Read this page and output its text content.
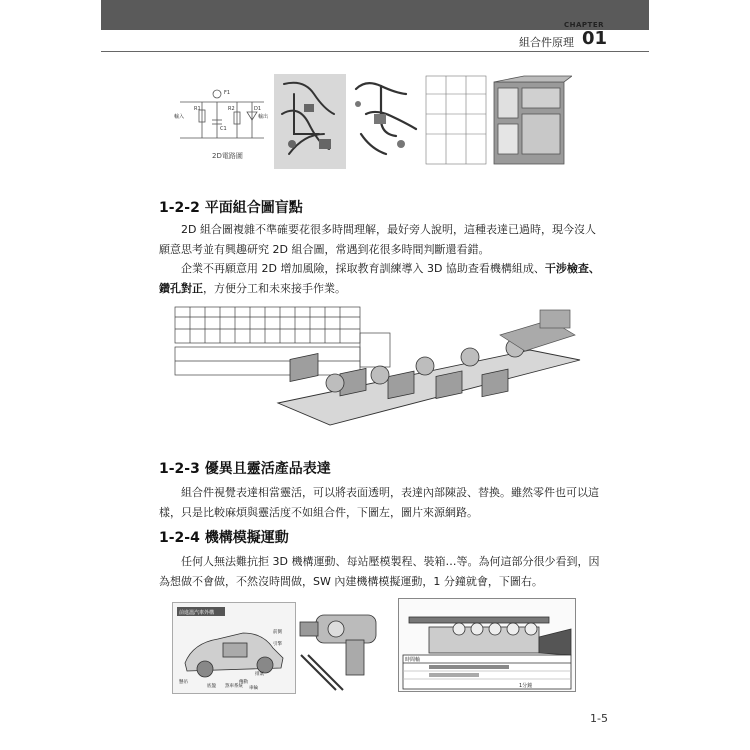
CHAPTER
組合件原理 01
R1	R2
C1
D1
F1
輸入	輸出
2D電路圖
1-2-2 平面組合圖盲點

2D 組合圖複雜不準確要花很多時間理解，最好旁人說明，這種表達已過時，現今沒人願意思考並有興趣研究 2D 組合圖，常遇到花很多時間判斷還看錯。

企業不再願意用 2D 增加風險，採取教育訓練導入 3D 協助查看機構組成、干涉檢查、鑽孔對正，方便分工和未來接手作業。

1-2-3 優異且靈活產品表達

組合件視覺表達相當靈活，可以將表面透明，表達內部陳設、替換。雖然零件也可以這樣，只是比較麻煩與靈活度不如組合件，下圖左，圖片來源網路。

1-2-4 機構模擬運動

任何人無法難抗拒 3D 機構運動、每站壓模製程、裝箱…等。為何這部分很少看到，因為想做不會做，不然沒時間做，SW 內建機構模擬運動，1 分鐘就會，下圖右。

前進溫汽車外構
前側
引擎
排氣
懸吊
底盤 煞車系統
傳動
車輪
時間軸
1分鐘
1-5
